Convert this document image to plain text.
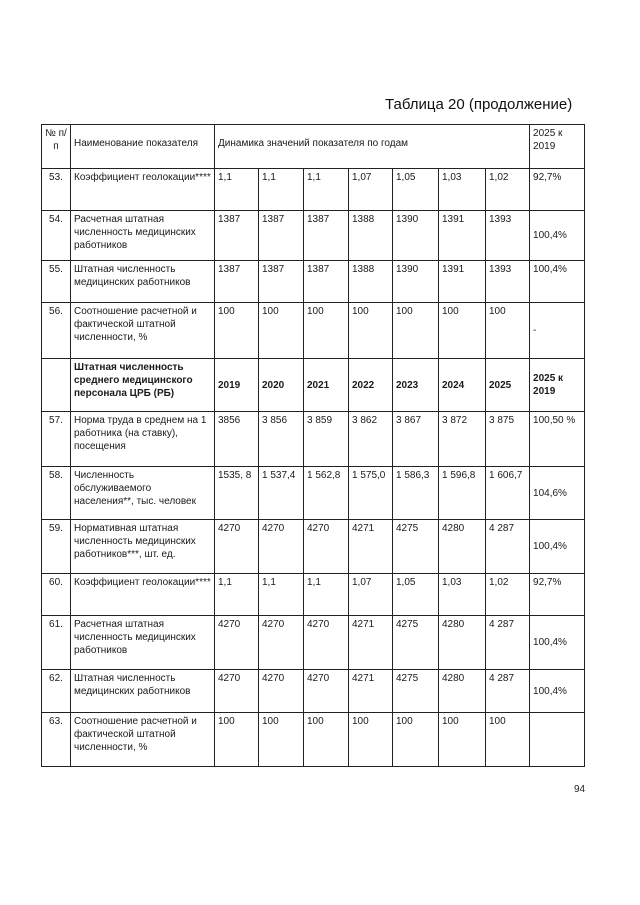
Таблица 20 (продолжение)
№ п/п	Наименование показателя	Динамика значений показателя по годам							2025 к 2019
53.	Коэффициент геолокации****	1,1	1,1	1,1	1,07	1,05	1,03	1,02	92,7%
54.	Расчетная штатная численность медицинских работников	1387	1387	1387	1388	1390	1391	1393	100,4%
55.	Штатная численность медицинских работников	1387	1387	1387	1388	1390	1391	1393	100,4%
56.	Соотношение расчетной и фактической штатной численности, %	100	100	100	100	100	100	100	-
	Штатная численность среднего медицинского персонала ЦРБ (РБ)	2019	2020	2021	2022	2023	2024	2025	2025 к 2019
57.	Норма труда в среднем на 1 работника (на ставку), посещения	3856	3 856	3 859	3 862	3 867	3 872	3 875	100,50 %
58.	Численность обслуживаемого населения**, тыс. человек	1535, 8	1 537,4	1 562,8	1 575,0	1 586,3	1 596,8	1 606,7	104,6%
59.	Нормативная штатная численность медицинских работников***, шт. ед.	4270	4270	4270	4271	4275	4280	4 287	100,4%
60.	Коэффициент геолокации****	1,1	1,1	1,1	1,07	1,05	1,03	1,02	92,7%
61.	Расчетная штатная численность медицинских работников	4270	4270	4270	4271	4275	4280	4 287	100,4%
62.	Штатная численность медицинских работников	4270	4270	4270	4271	4275	4280	4 287	100,4%
63.	Соотношение расчетной и фактической штатной численности, %	100	100	100	100	100	100	100	
94
